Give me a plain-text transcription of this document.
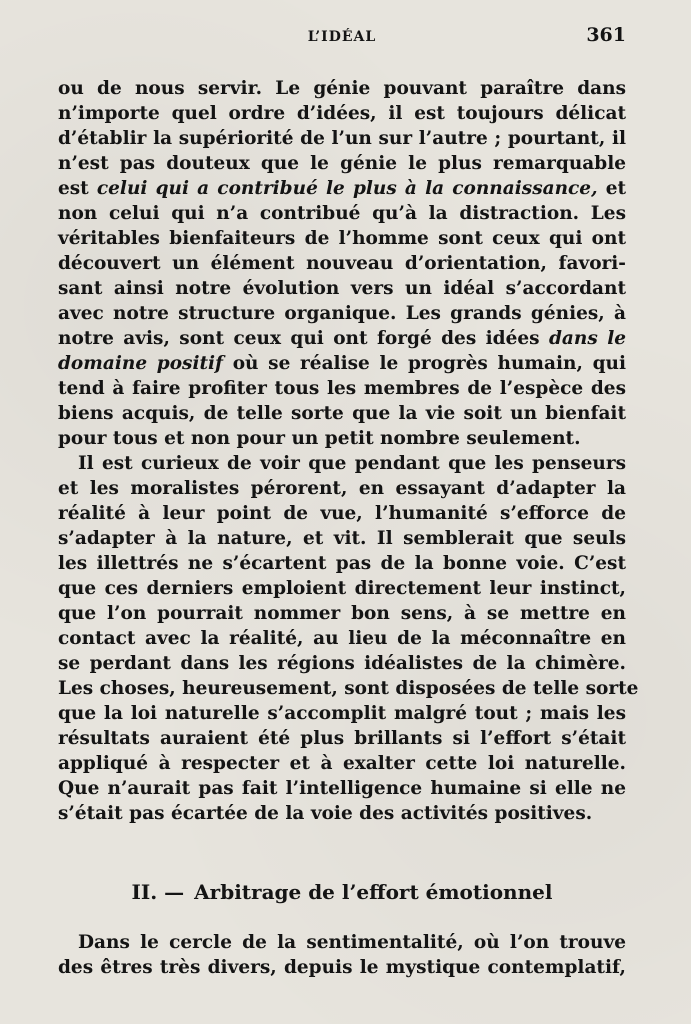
L’IDÉAL	361
ou de nous servir. Le génie pouvant paraître dans
n’importe quel ordre d’idées, il est toujours délicat
d’établir la supériorité de l’un sur l’autre ; pourtant, il
n’est pas douteux que le génie le plus remarquable
est celui qui a contribué le plus à la connaissance, et
non celui qui n’a contribué qu’à la distraction. Les
véritables bienfaiteurs de l’homme sont ceux qui ont
découvert un élément nouveau d’orientation, favori-
sant ainsi notre évolution vers un idéal s’accordant
avec notre structure organique. Les grands génies, à
notre avis, sont ceux qui ont forgé des idées dans le
domaine positif où se réalise le progrès humain, qui
tend à faire profiter tous les membres de l’espèce des
biens acquis, de telle sorte que la vie soit un bienfait
pour tous et non pour un petit nombre seulement.
Il est curieux de voir que pendant que les penseurs
et les moralistes pérorent, en essayant d’adapter la
réalité à leur point de vue, l’humanité s’efforce de
s’adapter à la nature, et vit. Il semblerait que seuls
les illettrés ne s’écartent pas de la bonne voie. C’est
que ces derniers emploient directement leur instinct,
que l’on pourrait nommer bon sens, à se mettre en
contact avec la réalité, au lieu de la méconnaître en
se perdant dans les régions idéalistes de la chimère.
Les choses, heureusement, sont disposées de telle sorte
que la loi naturelle s’accomplit malgré tout ; mais les
résultats auraient été plus brillants si l’effort s’était
appliqué à respecter et à exalter cette loi naturelle.
Que n’aurait pas fait l’intelligence humaine si elle ne
s’était pas écartée de la voie des activités positives.
II. — Arbitrage de l’effort émotionnel
Dans le cercle de la sentimentalité, où l’on trouve
des êtres très divers, depuis le mystique contemplatif,
